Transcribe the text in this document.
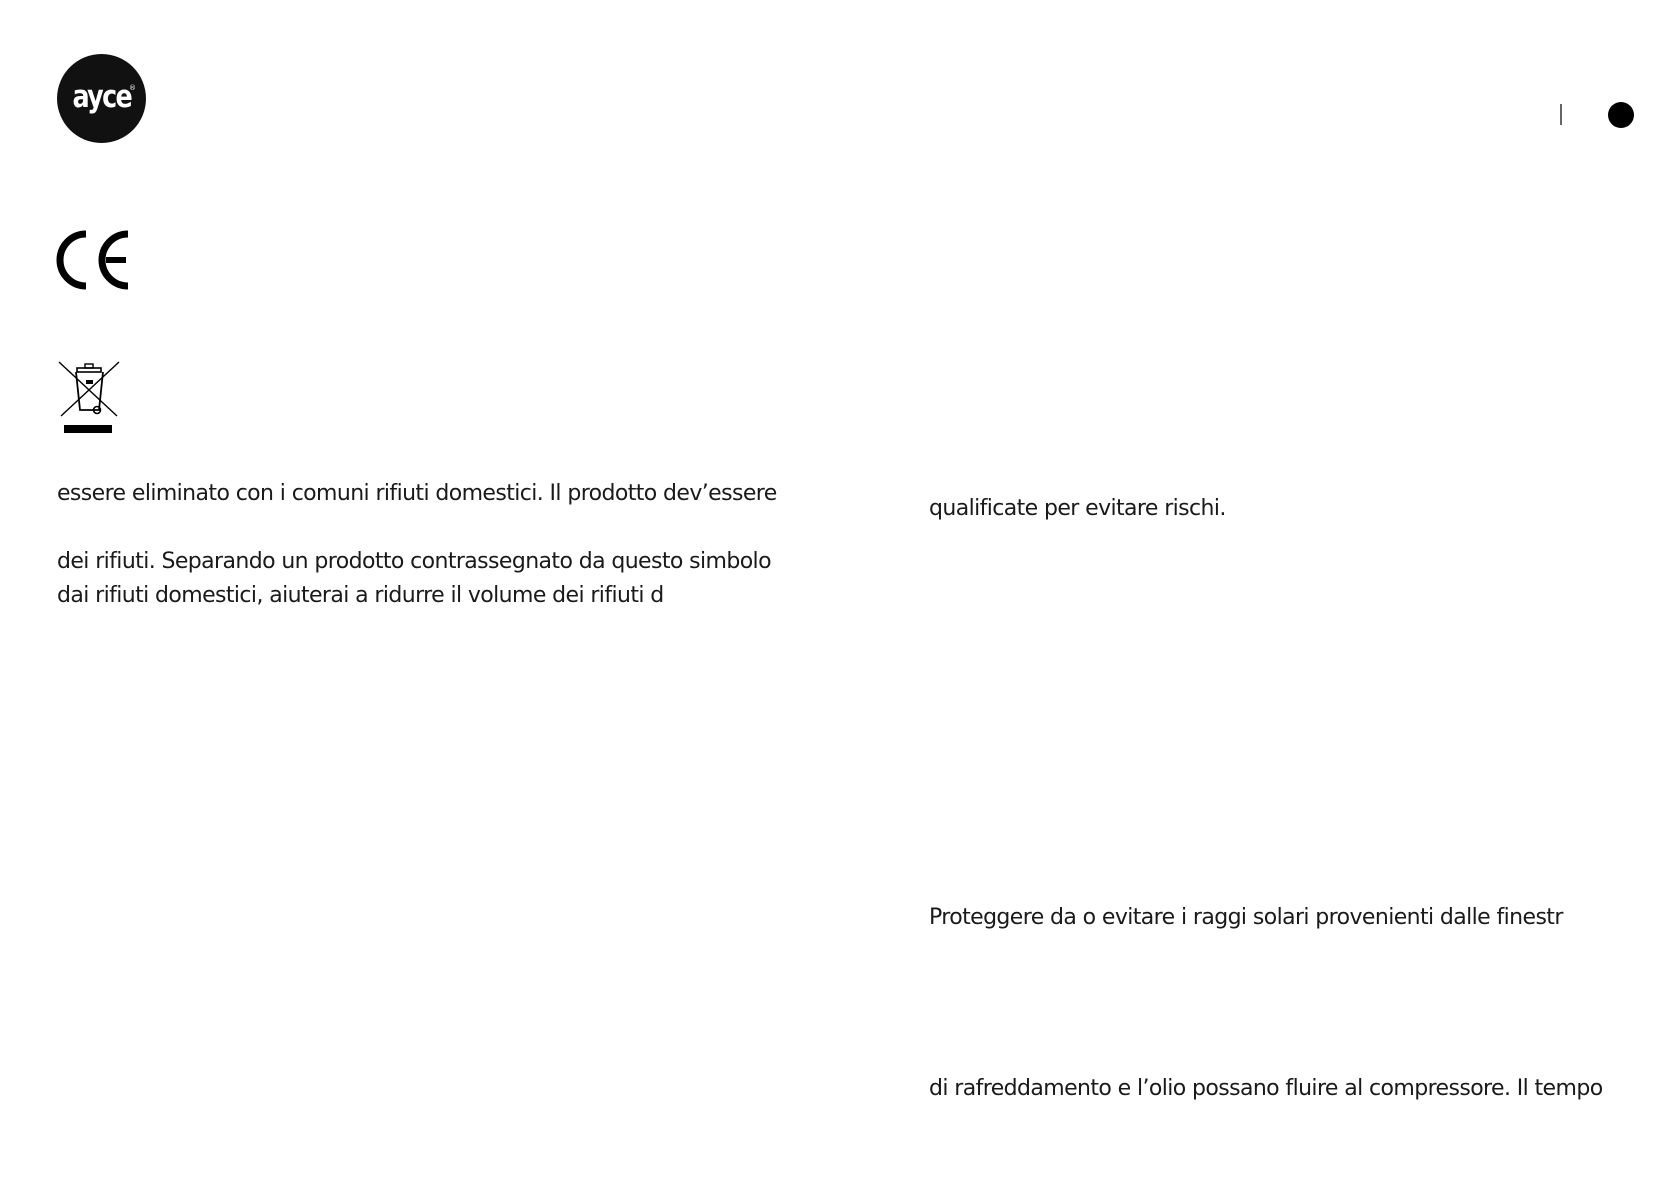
ayce
®
essere eliminato con i comuni rifiuti domestici. Il prodotto dev’essere
dei rifiuti. Separando un prodotto contrassegnato da questo simbolo
dai rifiuti domestici, aiuterai a ridurre il volume dei rifiuti d
qualificate per evitare rischi.
Proteggere da o evitare i raggi solari provenienti dalle finestr
di rafreddamento e l’olio possano fluire al compressore. Il tempo
